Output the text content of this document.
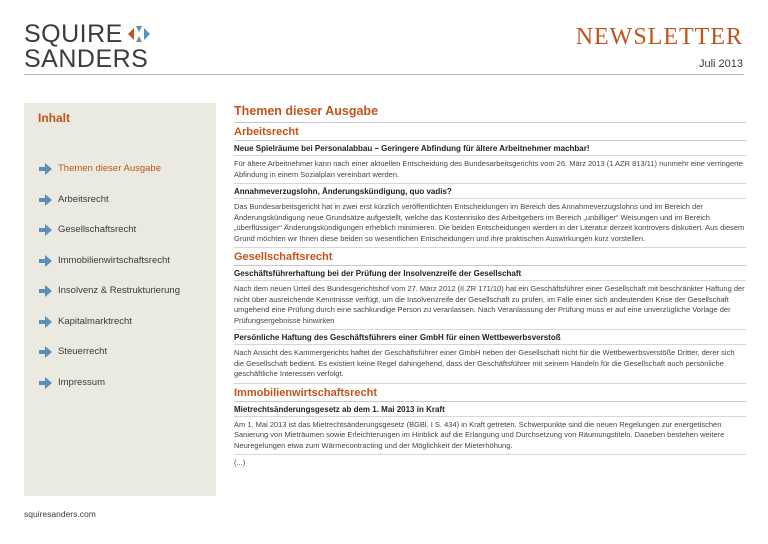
SQUIRE
SANDERS
NEWSLETTER
Juli 2013
Inhalt
Themen dieser Ausgabe
Arbeitsrecht
Gesellschaftsrecht
Immobilienwirtschaftsrecht
Insolvenz & Restrukturierung
Kapitalmarktrecht
Steuerrecht
Impressum
Themen dieser Ausgabe
Arbeitsrecht
Neue Spielräume bei Personalabbau – Geringere Abfindung für ältere Arbeitnehmer machbar!
Für ältere Arbeitnehmer kann nach einer aktuellen Entscheidung des Bundesarbeitsgerichts vom 26. März 2013 (1 AZR 813/11) nunmehr eine verringerte Abfindung in einem Sozialplan vereinbart werden.
Annahmeverzugslohn, Änderungskündigung, quo vadis?
Das Bundesarbeitsgericht hat in zwei erst kürzlich veröffentlichten Entscheidungen im Bereich des Annahmeverzugslohns und im Bereich der Änderungskündigung neue Grundsätze aufgestellt, welche das Kostenrisiko des Arbeitgebers im Bereich „unbilliger“ Weisungen und im Bereich „überflüssiger“ Änderungskündigungen erheblich minimieren. Die beiden Entscheidungen werden in der Literatur derzeit kontrovers diskutiert. Aus diesem Grund möchten wir Ihnen diese beiden so wesentlichen Entscheidungen und ihre praktischen Auswirkungen kurz vorstellen.
Gesellschaftsrecht
Geschäftsführerhaftung bei der Prüfung der Insolvenzreife der Gesellschaft
Nach dem neuen Urteil des Bundesgerichtshof vom 27. März 2012 (II ZR 171/10) hat ein Geschäftsführer einer Gesellschaft mit beschränkter Haftung der nicht über ausreichende Kenntnisse verfügt, um die Insolvenzreife der Gesellschaft zu prüfen, im Falle einer sich andeutenden Krise der Gesellschaft umgehend eine Prüfung durch eine sachkundige Person zu veranlassen. Nach Veranlassung der Prüfung muss er auf eine unverzügliche Vorlage der Prüfungsergebnisse hinwirken
Persönliche Haftung des Geschäftsführers einer GmbH für einen Wettbewerbsverstoß
Nach Ansicht des Kammergerichts haftet der Geschäftsführer einer GmbH neben der Gesellschaft nicht für die Wettbewerbsverstöße Dritter, derer sich die Gesellschaft bedient. Es existiert keine Regel dahingehend, dass der Geschäftsführer mit seinem Handeln für die Gesellschaft auch persönliche geschäftliche Interessen verfolgt.
Immobilienwirtschaftsrecht
Mietrechtsänderungsgesetz ab dem 1. Mai 2013 in Kraft
Am 1. Mai 2013 ist das Mietrechtsänderungsgesetz (BGBl. I S. 434) in Kraft getreten. Schwerpunkte sind die neuen Regelungen zur energetischen Sanierung von Mieträumen sowie Erleichterungen im Hinblick auf die Erlangung und Durchsetzung von Räumungstiteln. Daneben bestehen weitere Neuregelungen etwa zum Wärmecontracting und der Möglichkeit der Mieterhöhung.
(...)
squiresanders.com
